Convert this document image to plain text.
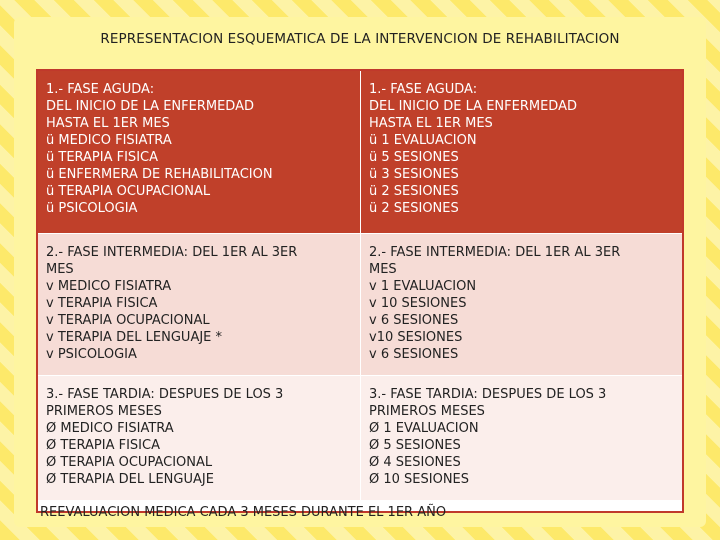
REPRESENTACION ESQUEMATICA DE LA INTERVENCION DE REHABILITACION
1.- FASE AGUDA:
DEL INICIO DE LA ENFERMEDAD
HASTA EL 1ER MES
ü MEDICO FISIATRA
ü TERAPIA FISICA
ü ENFERMERA DE REHABILITACION
ü TERAPIA OCUPACIONAL
ü PSICOLOGIA
1.- FASE AGUDA:
DEL INICIO DE LA ENFERMEDAD
HASTA EL 1ER MES
ü 1 EVALUACION
ü 5 SESIONES
ü 3 SESIONES
ü 2 SESIONES
ü 2 SESIONES
2.- FASE INTERMEDIA: DEL 1ER AL 3ER
MES
v MEDICO FISIATRA
v TERAPIA FISICA
v TERAPIA OCUPACIONAL
v TERAPIA DEL LENGUAJE *
v PSICOLOGIA
2.- FASE INTERMEDIA: DEL 1ER AL 3ER
MES
v 1 EVALUACION
v 10 SESIONES
v 6 SESIONES
v10 SESIONES
v 6 SESIONES
3.- FASE TARDIA: DESPUES DE LOS 3
PRIMEROS MESES
Ø MEDICO FISIATRA
Ø TERAPIA FISICA
Ø TERAPIA OCUPACIONAL
Ø TERAPIA DEL LENGUAJE
3.- FASE TARDIA: DESPUES DE LOS 3
PRIMEROS MESES
Ø 1 EVALUACION
Ø 5 SESIONES
Ø 4 SESIONES
Ø 10 SESIONES
REEVALUACION MEDICA CADA 3 MESES DURANTE EL 1ER AÑO
